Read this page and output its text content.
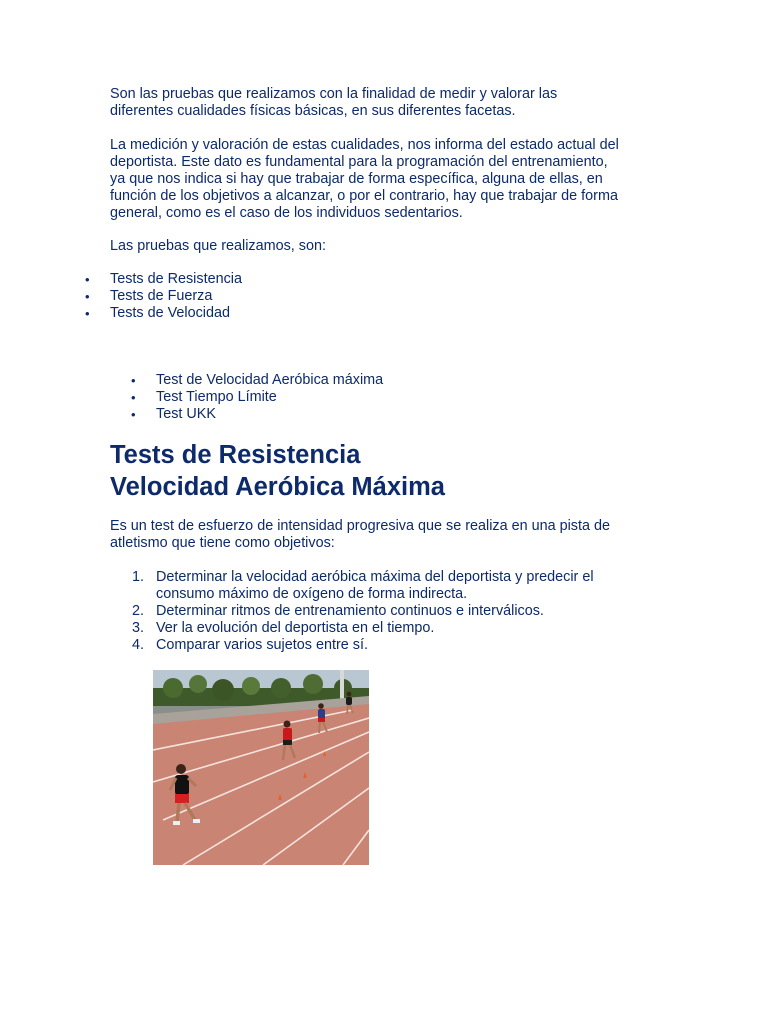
Son las pruebas que realizamos con la finalidad de medir y valorar las
diferentes cualidades físicas básicas, en sus diferentes facetas.

La medición y valoración de estas cualidades, nos informa del estado actual del
deportista. Este dato es fundamental para la programación del entrenamiento,
ya que nos indica si hay que trabajar de forma específica, alguna de ellas, en
función de los objetivos a alcanzar, o por el contrario, hay que trabajar de forma
general, como es el caso de los individuos sedentarios.

Las pruebas que realizamos, son:

• Tests de Resistencia
• Tests de Fuerza
• Tests de Velocidad
• Test de Velocidad Aeróbica máxima
• Test Tiempo Límite
• Test UKK
Tests de Resistencia
Velocidad Aeróbica Máxima

Es un test de esfuerzo de intensidad progresiva que se realiza en una pista de
atletismo que tiene como objetivos:

1. Determinar la velocidad aeróbica máxima del deportista y predecir el
consumo máximo de oxígeno de forma indirecta.
2. Determinar ritmos de entrenamiento continuos e interválicos.
3. Ver la evolución del deportista en el tiempo.
4. Comparar varios sujetos entre sí.
